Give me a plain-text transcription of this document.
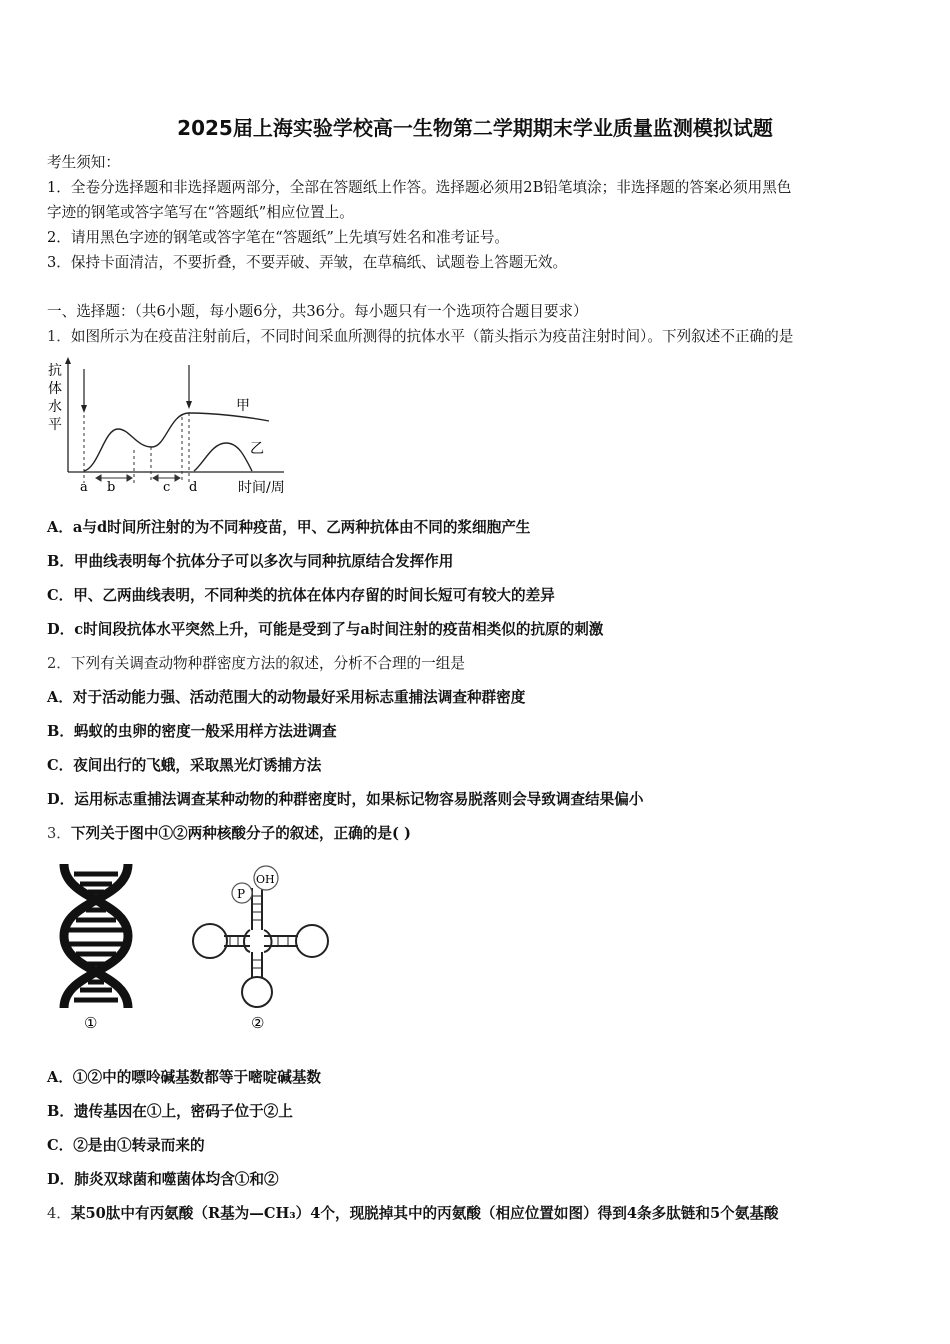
2025届上海实验学校高一生物第二学期期末学业质量监测模拟试题
考生须知：
1．全卷分选择题和非选择题两部分，全部在答题纸上作答。选择题必须用2B铅笔填涂；非选择题的答案必须用黑色
字迹的钢笔或答字笔写在“答题纸”相应位置上。
2．请用黑色字迹的钢笔或答字笔在“答题纸”上先填写姓名和准考证号。
3．保持卡面清洁，不要折叠，不要弄破、弄皱，在草稿纸、试题卷上答题无效。
一、选择题：（共6小题，每小题6分，共36分。每小题只有一个选项符合题目要求）
1．如图所示为在疫苗注射前后，不同时间采血所测得的抗体水平（箭头指示为疫苗注射时间）。下列叙述不正确的是
抗
体
水
平
甲
乙
a b	c d	时间/周
A．a与d时间所注射的为不同种疫苗，甲、乙两种抗体由不同的浆细胞产生
B．甲曲线表明每个抗体分子可以多次与同种抗原结合发挥作用
C．甲、乙两曲线表明，不同种类的抗体在体内存留的时间长短可有较大的差异
D．c时间段抗体水平突然上升，可能是受到了与a时间注射的疫苗相类似的抗原的刺激
2．下列有关调查动物种群密度方法的叙述，分析不合理的一组是
A．对于活动能力强、活动范围大的动物最好采用标志重捕法调查种群密度
B．蚂蚁的虫卵的密度一般采用样方法进调查
C．夜间出行的飞蛾，采取黑光灯诱捕方法
D．运用标志重捕法调查某种动物的种群密度时，如果标记物容易脱落则会导致调查结果偏小
3．下列关于图中①②两种核酸分子的叙述，正确的是( )
①
P
OH
②
A．①②中的嘌呤碱基数都等于嘧啶碱基数
B．遗传基因在①上，密码子位于②上
C．②是由①转录而来的
D．肺炎双球菌和噬菌体均含①和②
4．某50肽中有丙氨酸（R基为—CH₃）4个，现脱掉其中的丙氨酸（相应位置如图）得到4条多肽链和5个氨基酸
